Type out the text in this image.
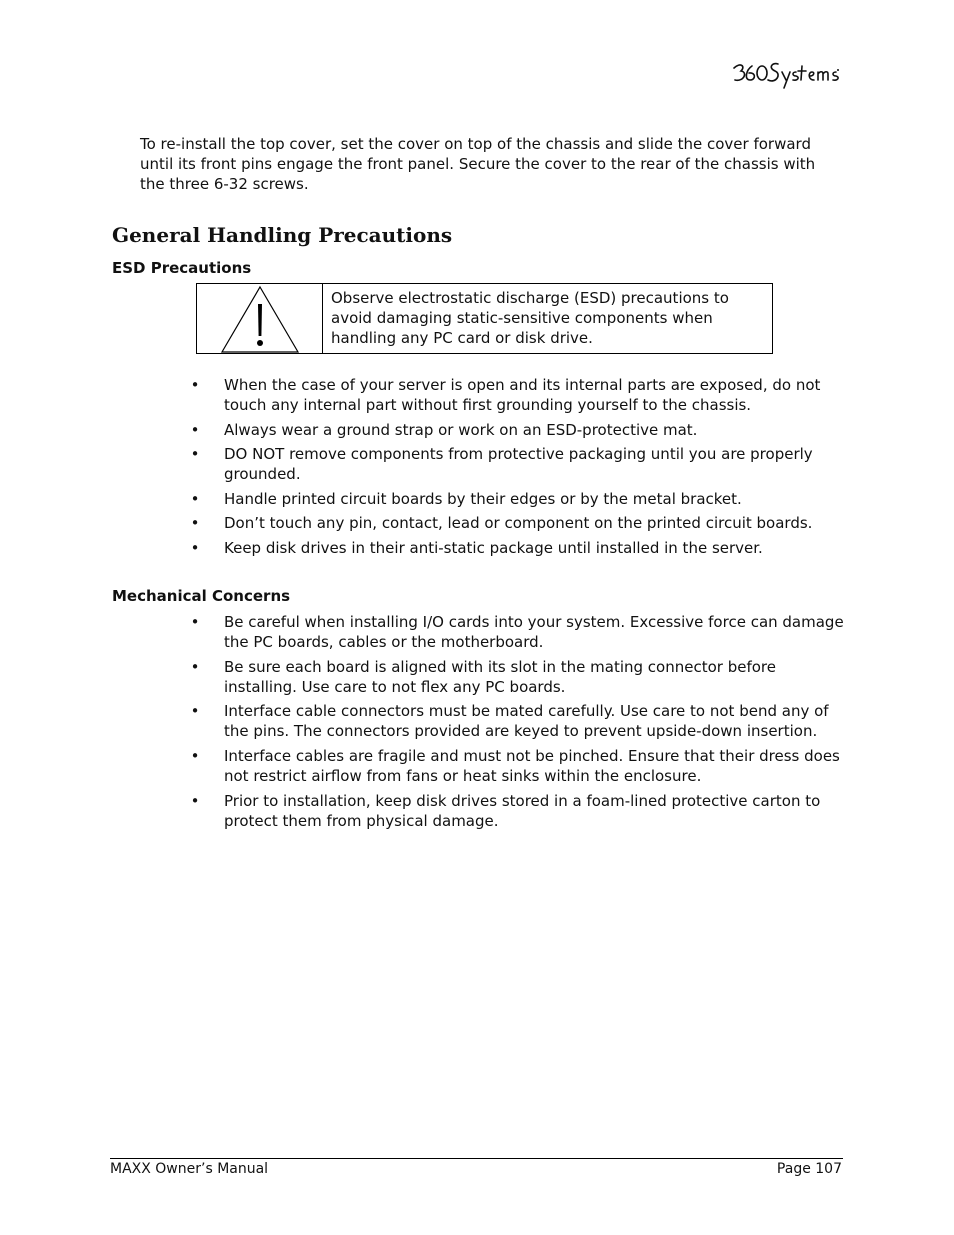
To re-install the top cover, set the cover on top of the chassis and slide the cover forward until its front pins engage the front panel. Secure the cover to the rear of the chassis with the three 6-32 screws.

General Handling Precautions
ESD Precautions
Observe electrostatic discharge (ESD) precautions to avoid damaging static-sensitive components when handling any PC card or disk drive.
• When the case of your server is open and its internal parts are exposed, do not touch any internal part without first grounding yourself to the chassis.
• Always wear a ground strap or work on an ESD-protective mat.
• DO NOT remove components from protective packaging until you are properly grounded.
• Handle printed circuit boards by their edges or by the metal bracket.
• Don’t touch any pin, contact, lead or component on the printed circuit boards.
• Keep disk drives in their anti-static package until installed in the server.
Mechanical Concerns
• Be careful when installing I/O cards into your system. Excessive force can damage the PC boards, cables or the motherboard.
• Be sure each board is aligned with its slot in the mating connector before installing. Use care to not flex any PC boards.
• Interface cable connectors must be mated carefully. Use care to not bend any of the pins. The connectors provided are keyed to prevent upside-down insertion.
• Interface cables are fragile and must not be pinched. Ensure that their dress does not restrict airflow from fans or heat sinks within the enclosure.
• Prior to installation, keep disk drives stored in a foam-lined protective carton to protect them from physical damage.
MAXX Owner’s Manual	Page 107
